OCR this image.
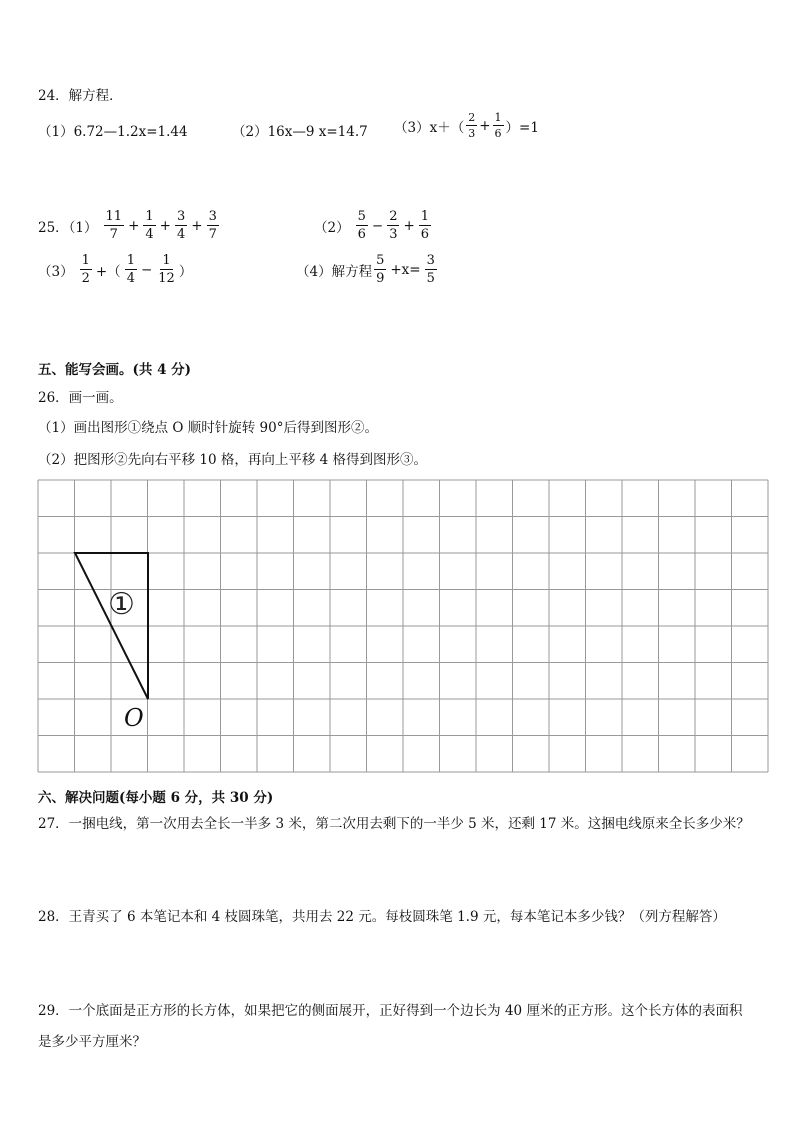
24．解方程．
（1）6.72—1.2x=1.44	（2）16x—9 x=14.7 $(3)x+( \frac{2}{3} + \frac{1}{6} )=1$
25．$(1) \frac{11}{7} + \frac{1}{4} + \frac{3}{4} + \frac{3}{7}$	$(2) \frac{5}{6} - \frac{2}{3} + \frac{1}{6}$
$(3) \frac{1}{2}$ +（ $\frac{1}{4} - \frac{1}{12}$ ）	（4）解方程 $\frac{5}{9} +x= \frac{3}{5}$
五、能写会画。(共 4 分)
26．画一画。
（1）画出图形①绕点 O 顺时针旋转 90°后得到图形②。
（2）把图形②先向右平移 10 格，再向上平移 4 格得到图形③。
①
O
六、解决问题(每小题 6 分，共 30 分)
27．一捆电线，第一次用去全长一半多 3 米，第二次用去剩下的一半少 5 米，还剩 17 米。这捆电线原来全长多少米？
28．王青买了 6 本笔记本和 4 枝圆珠笔，共用去 22 元。每枝圆珠笔 1.9 元，每本笔记本多少钱？（列方程解答）
29．一个底面是正方形的长方体，如果把它的侧面展开，正好得到一个边长为 40 厘米的正方形。这个长方体的表面积
是多少平方厘米？
